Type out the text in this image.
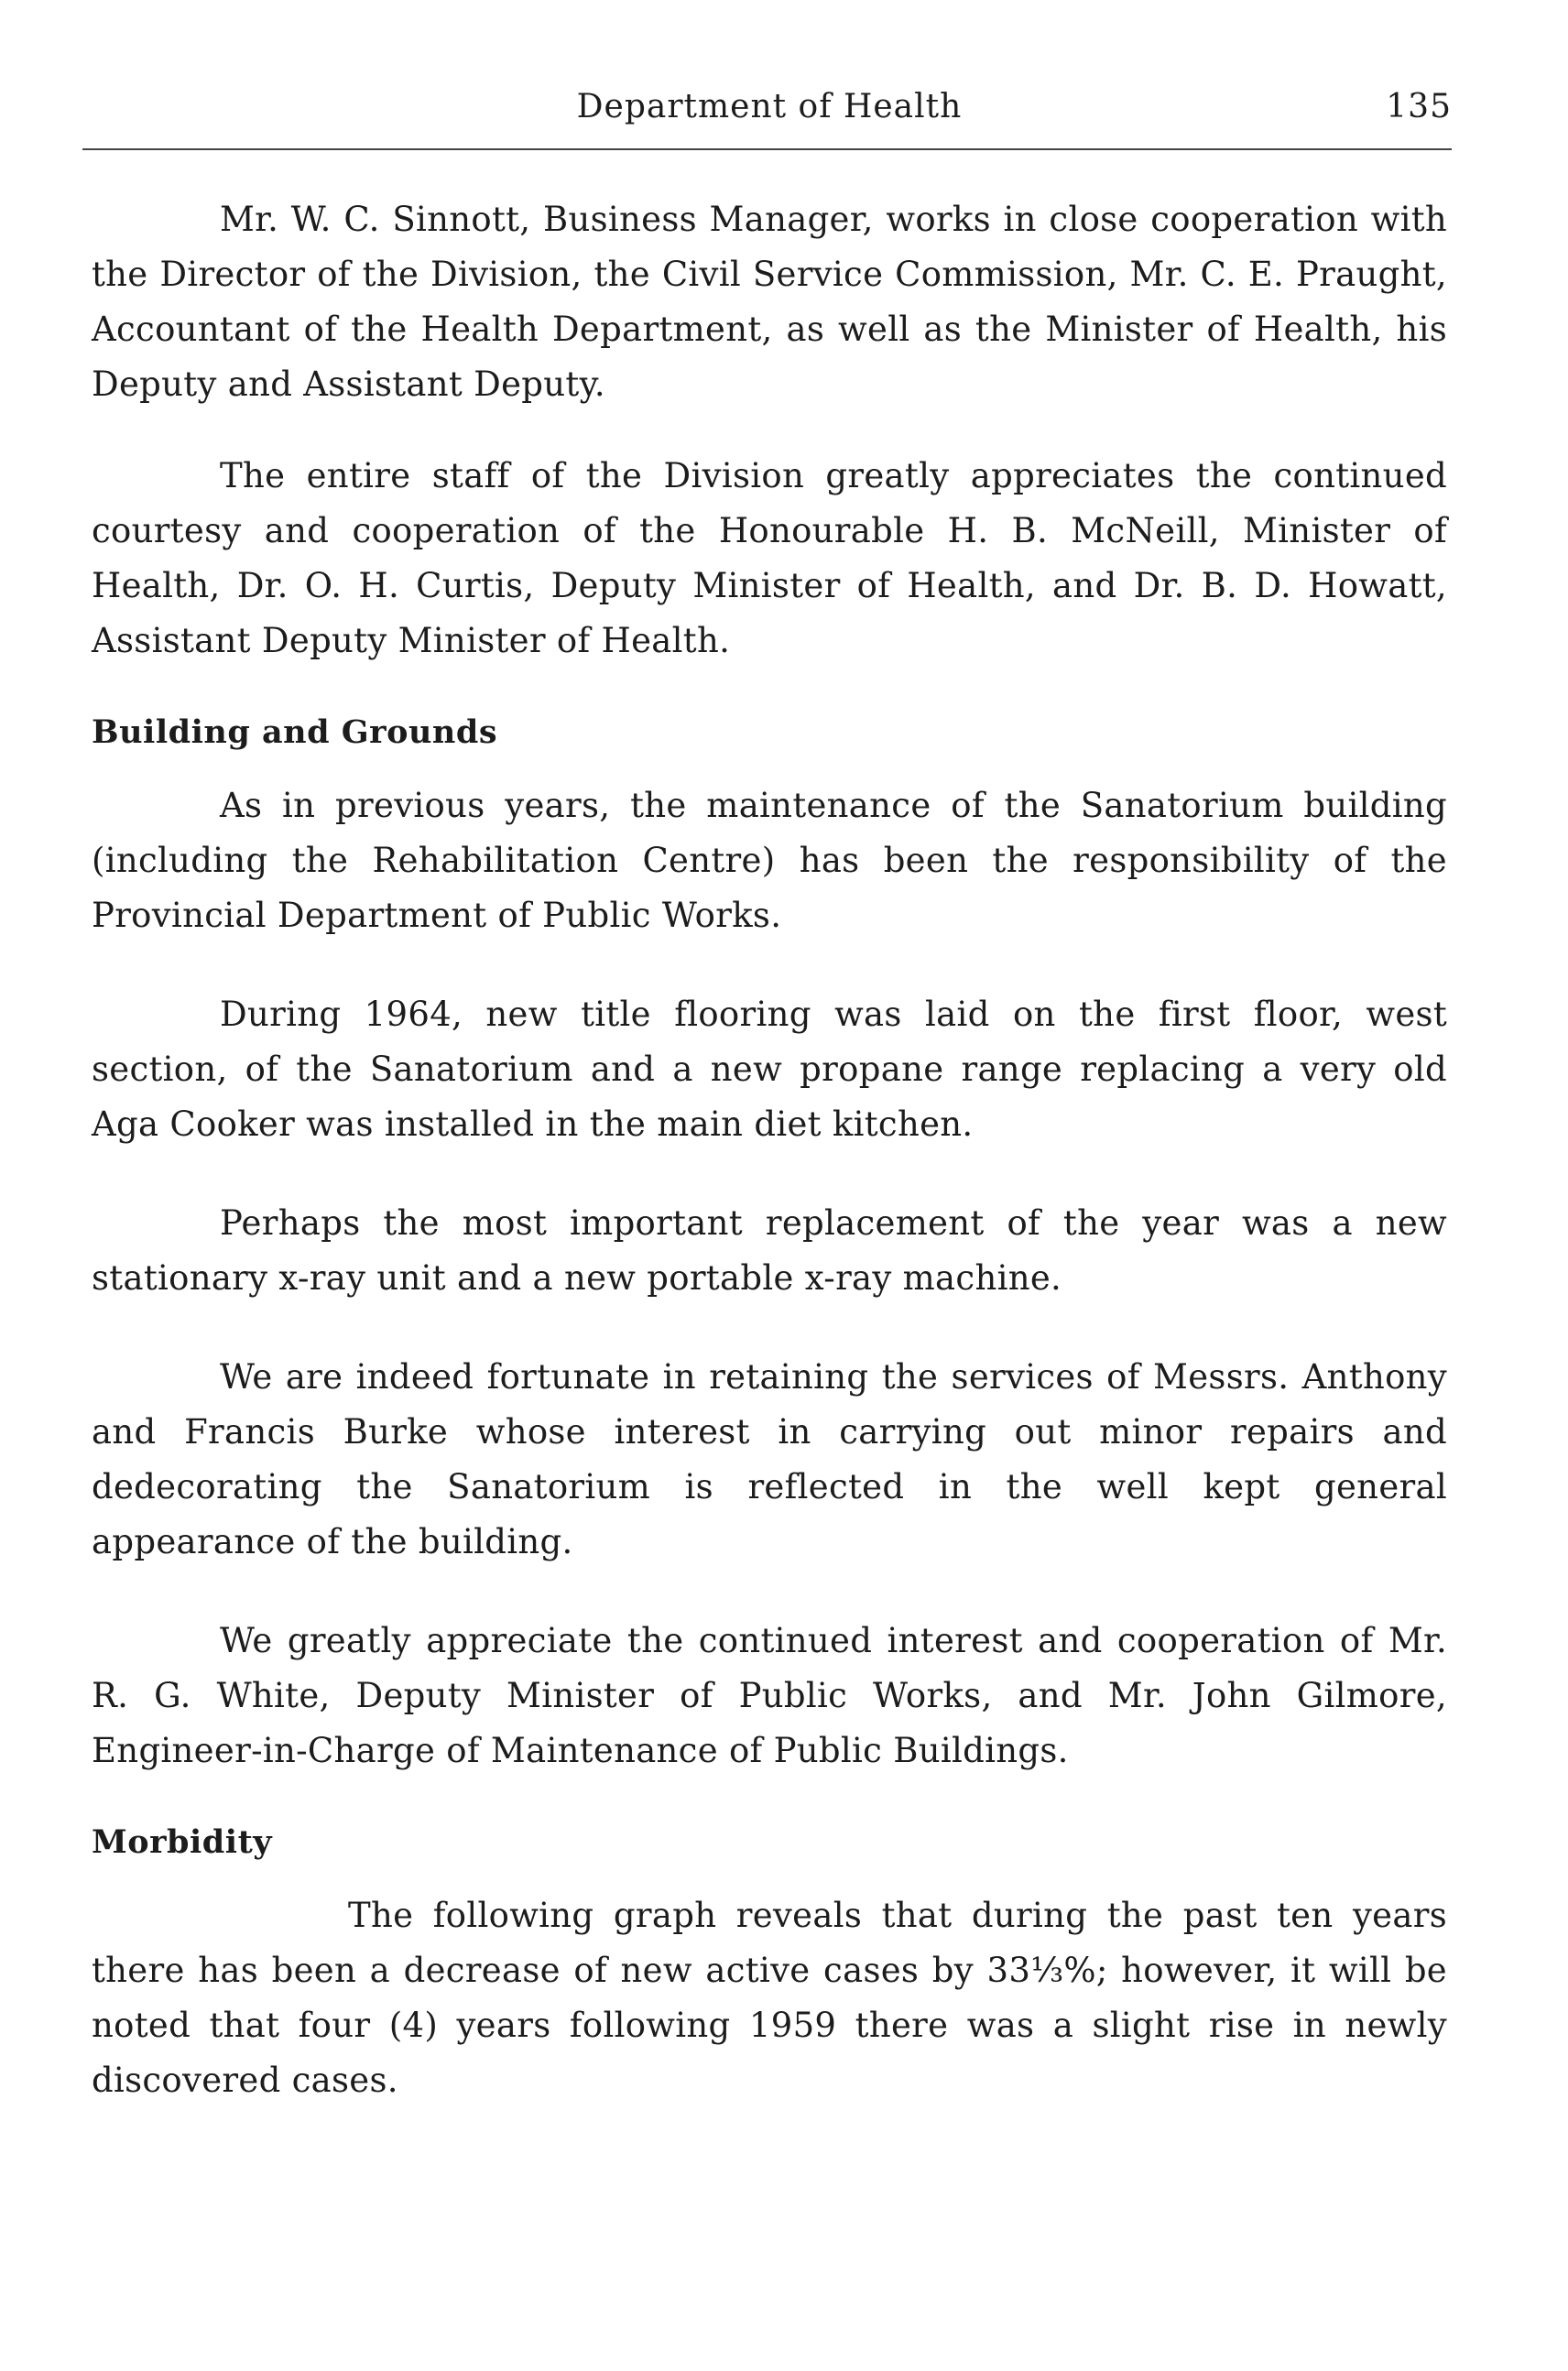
Department of Health	135

Mr. W. C. Sinnott, Business Manager, works in close cooperation with the Director of the Division, the Civil Service Commission, Mr. C. E. Praught, Accountant of the Health Department, as well as the Minister of Health, his Deputy and Assistant Deputy.

The entire staff of the Division greatly appreciates the continued courtesy and cooperation of the Honourable H. B. McNeill, Minister of Health, Dr. O. H. Curtis, Deputy Minister of Health, and Dr. B. D. Howatt, Assistant Deputy Minister of Health.

Building and Grounds

As in previous years, the maintenance of the Sanatorium building (including the Rehabilitation Centre) has been the responsibility of the Provincial Department of Public Works.

During 1964, new title flooring was laid on the first floor, west section, of the Sanatorium and a new propane range replacing a very old Aga Cooker was installed in the main diet kitchen.

Perhaps the most important replacement of the year was a new stationary x-ray unit and a new portable x-ray machine.

We are indeed fortunate in retaining the services of Messrs. Anthony and Francis Burke whose interest in carrying out minor repairs and dedecorating the Sanatorium is reflected in the well kept general appearance of the building.

We greatly appreciate the continued interest and cooperation of Mr. R. G. White, Deputy Minister of Public Works, and Mr. John Gilmore, Engineer-in-Charge of Maintenance of Public Buildings.

Morbidity

The following graph reveals that during the past ten years there has been a decrease of new active cases by 33⅓%; however, it will be noted that four (4) years following 1959 there was a slight rise in newly discovered cases.
